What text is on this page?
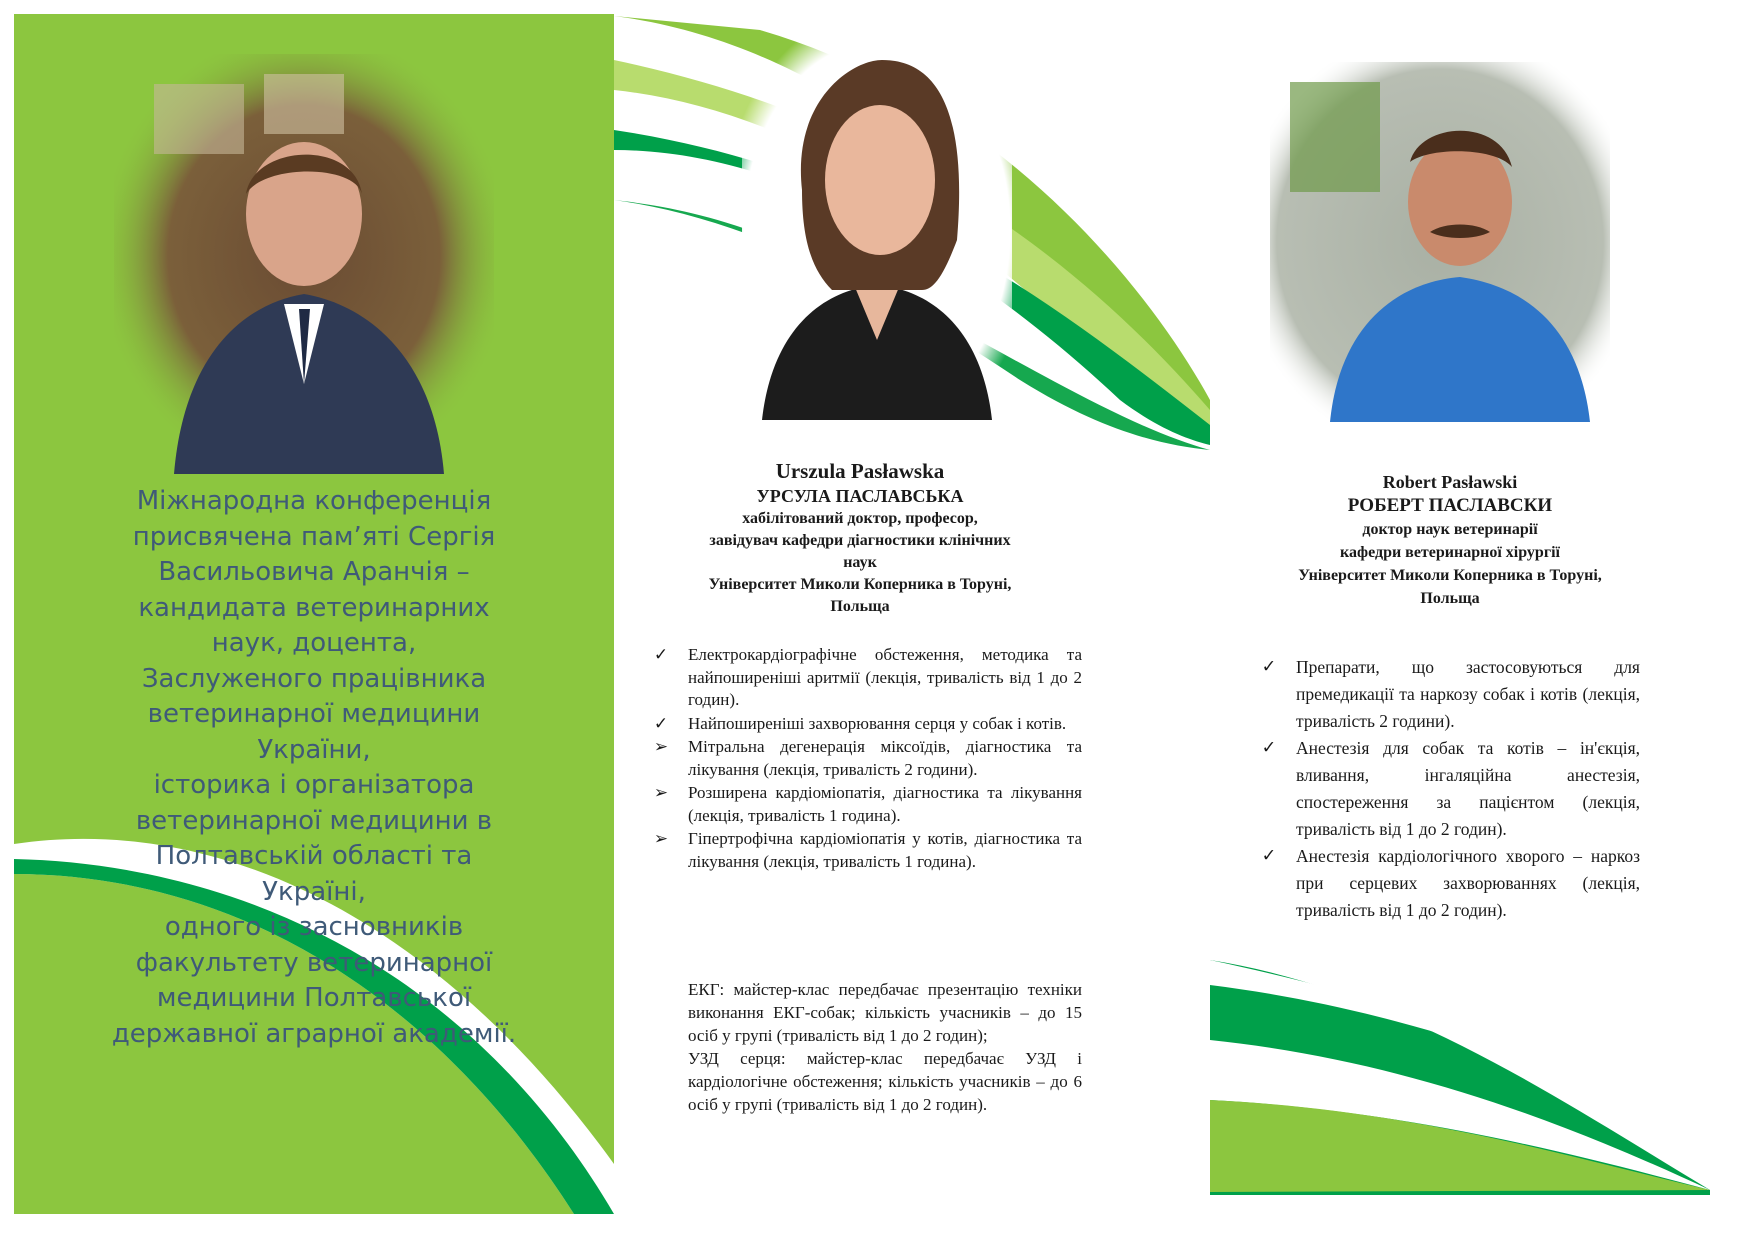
Міжнародна конференція
присвячена пам’яті Сергія
Васильовича Аранчія –
кандидата ветеринарних
наук, доцента,
Заслуженого працівника
ветеринарної медицини
України,
історика і організатора
ветеринарної медицини в
Полтавській області та
Україні,
одного із засновників
факультету ветеринарної
медицини Полтавської
державної аграрної академії.
Urszula Pasławska
УРСУЛА ПАСЛАВСЬКА
хабілітований доктор, професор,
завідувач кафедри діагностики клінічних
наук
Університет Миколи Коперника в Toруні,
Польща
✓ Електрокардіографічне обстеження, методика та найпоширеніші аритмії (лекція, тривалість від 1 до 2 годин).
✓ Найпоширеніші захворювання серця у собак і котів.
➢ Мітральна дегенерація міксоїдів, діагностика та лікування (лекція, тривалість 2 години).
➢ Розширена кардіоміопатія, діагностика та лікування (лекція, тривалість 1 година).
➢ Гіпертрофічна кардіоміопатія у котів, діагностика та лікування (лекція, тривалість 1 година).

ЕКГ: майстер-клас передбачає презентацію техніки виконання ЕКГ-собак; кількість учасників – до 15 осіб у групі (тривалість від 1 до 2 годин);

УЗД серця: майстер-клас передбачає УЗД і кардіологічне обстеження; кількість учасників – до 6 осіб у групі (тривалість від 1 до 2 годин).

Robert Pasławski
РОБЕРТ ПАСЛАВСКИ
доктор наук ветеринарії
кафедри ветеринарної хірургії
Університет Миколи Коперника в Торуні,
Польща
✓ Препарати, що застосовуються для премедикації та наркозу собак і котів (лекція, тривалість 2 години).
✓ Анестезія для собак та котів – ін'єкція, вливання, інгаляційна анестезія, спостереження за пацієнтом (лекція, тривалість від 1 до 2 годин).
✓ Анестезія кардіологічного хворого – наркоз при серцевих захворюваннях (лекція, тривалість від 1 до 2 годин).
